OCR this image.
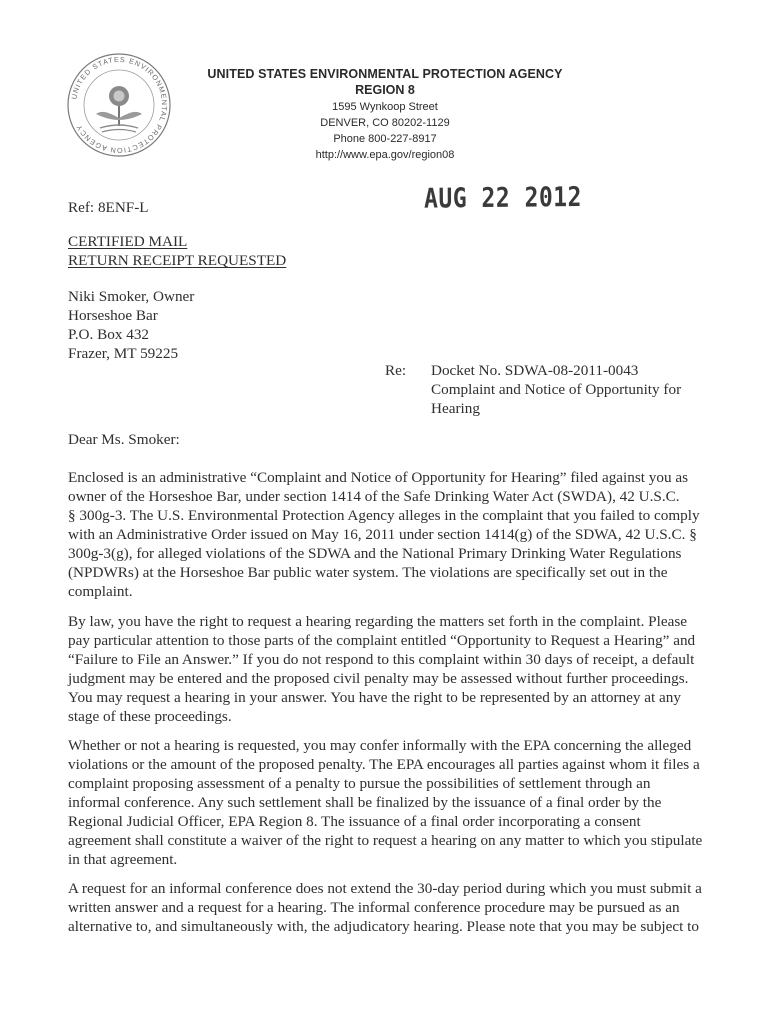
UNITED STATES ENVIRONMENTAL PROTECTION AGENCY
UNITED STATES ENVIRONMENTAL PROTECTION AGENCY
REGION 8
1595 Wynkoop Street
DENVER, CO 80202-1129
Phone 800-227-8917
http://www.epa.gov/region08
AUG 22 2012
Ref: 8ENF-L
CERTIFIED MAIL
RETURN RECEIPT REQUESTED
Niki Smoker, Owner
Horseshoe Bar
P.O. Box 432
Frazer, MT 59225
Re: Docket No. SDWA-08-2011-0043
Complaint and Notice of Opportunity for
Hearing
Dear Ms. Smoker:
Enclosed is an administrative “Complaint and Notice of Opportunity for Hearing” filed against you as
owner of the Horseshoe Bar, under section 1414 of the Safe Drinking Water Act (SWDA), 42 U.S.C.
§ 300g-3. The U.S. Environmental Protection Agency alleges in the complaint that you failed to comply
with an Administrative Order issued on May 16, 2011 under section 1414(g) of the SDWA, 42 U.S.C. §
300g-3(g), for alleged violations of the SDWA and the National Primary Drinking Water Regulations
(NPDWRs) at the Horseshoe Bar public water system. The violations are specifically set out in the
complaint.
By law, you have the right to request a hearing regarding the matters set forth in the complaint. Please
pay particular attention to those parts of the complaint entitled “Opportunity to Request a Hearing” and
“Failure to File an Answer.” If you do not respond to this complaint within 30 days of receipt, a default
judgment may be entered and the proposed civil penalty may be assessed without further proceedings.
You may request a hearing in your answer. You have the right to be represented by an attorney at any
stage of these proceedings.
Whether or not a hearing is requested, you may confer informally with the EPA concerning the alleged
violations or the amount of the proposed penalty. The EPA encourages all parties against whom it files a
complaint proposing assessment of a penalty to pursue the possibilities of settlement through an
informal conference. Any such settlement shall be finalized by the issuance of a final order by the
Regional Judicial Officer, EPA Region 8. The issuance of a final order incorporating a consent
agreement shall constitute a waiver of the right to request a hearing on any matter to which you stipulate
in that agreement.
A request for an informal conference does not extend the 30-day period during which you must submit a
written answer and a request for a hearing. The informal conference procedure may be pursued as an
alternative to, and simultaneously with, the adjudicatory hearing. Please note that you may be subject to
